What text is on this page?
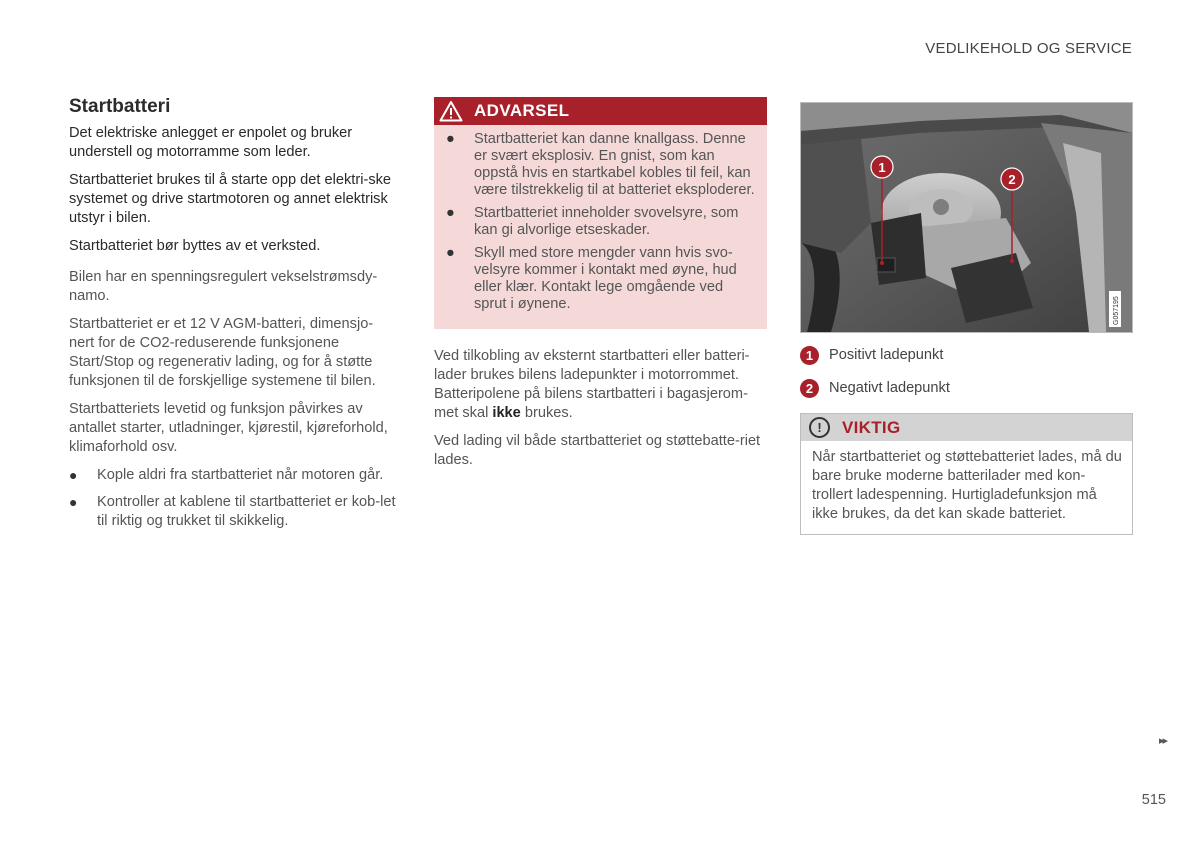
VEDLIKEHOLD OG SERVICE
Startbatteri

Det elektriske anlegget er enpolet og bruker understell og motorramme som leder.

Startbatteriet brukes til å starte opp det elektri-ske systemet og drive startmotoren og annet elektrisk utstyr i bilen.

Startbatteriet bør byttes av et verksted.

Bilen har en spenningsregulert vekselstrømsdy-namo.

Startbatteriet er et 12 V AGM-batteri, dimensjo-nert for de CO2-reduserende funksjonene Start/Stop og regenerativ lading, og for å støtte funksjonen til de forskjellige systemene til bilen.

Startbatteriets levetid og funksjon påvirkes av antallet starter, utladninger, kjørestil, kjøreforhold, klimaforhold osv.

● Kople aldri fra startbatteriet når motoren går.
● Kontroller at kablene til startbatteriet er kob-let til riktig og trukket til skikkelig.
ADVARSEL
● Startbatteriet kan danne knallgass. Denne er svært eksplosiv. En gnist, som kan oppstå hvis en startkabel kobles til feil, kan være tilstrekkelig til at batteriet eksploderer.
● Startbatteriet inneholder svovelsyre, som kan gi alvorlige etseskader.
● Skyll med store mengder vann hvis svo-velsyre kommer i kontakt med øyne, hud eller klær. Kontakt lege omgående ved sprut i øynene.

Ved tilkobling av eksternt startbatteri eller batteri-lader brukes bilens ladepunkter i motorrommet. Batteripolene på bilens startbatteri i bagasjerom-met skal ikke brukes.

Ved lading vil både startbatteriet og støttebatte-riet lades.

1
2
G057195
1	Positivt ladepunkt
2	Negativt ladepunkt
!	VIKTIG
Når startbatteriet og støttebatteriet lades, må du bare bruke moderne batterilader med kon-trollert ladespenning. Hurtigladefunksjon må ikke brukes, da det kan skade batteriet.
▸▸
515
